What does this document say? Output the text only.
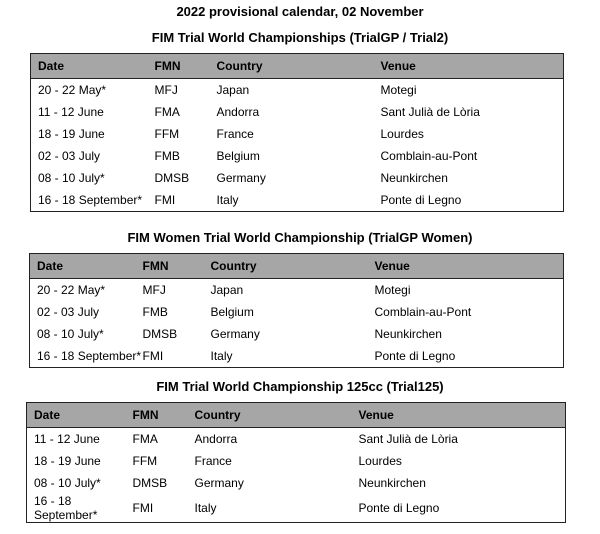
2022 provisional calendar, 02 November
FIM Trial World Championships (TrialGP / Trial2)
Date	FMN	Country	Venue
20 - 22 May*	MFJ	Japan	Motegi
11 - 12 June	FMA	Andorra	Sant Julià de Lòria
18 - 19 June	FFM	France	Lourdes
02 - 03 July	FMB	Belgium	Comblain-au-Pont
08 - 10 July*	DMSB	Germany	Neunkirchen
16 - 18 September*	FMI	Italy	Ponte di Legno
FIM Women Trial World Championship (TrialGP Women)
Date	FMN	Country	Venue
20 - 22 May*	MFJ	Japan	Motegi
02 - 03 July	FMB	Belgium	Comblain-au-Pont
08 - 10 July*	DMSB	Germany	Neunkirchen
16 - 18 September*	FMI	Italy	Ponte di Legno
FIM Trial World Championship 125cc (Trial125)
Date	FMN	Country	Venue
11 - 12 June	FMA	Andorra	Sant Julià de Lòria
18 - 19 June	FFM	France	Lourdes
08 - 10 July*	DMSB	Germany	Neunkirchen
16 - 18 September*	FMI	Italy	Ponte di Legno
